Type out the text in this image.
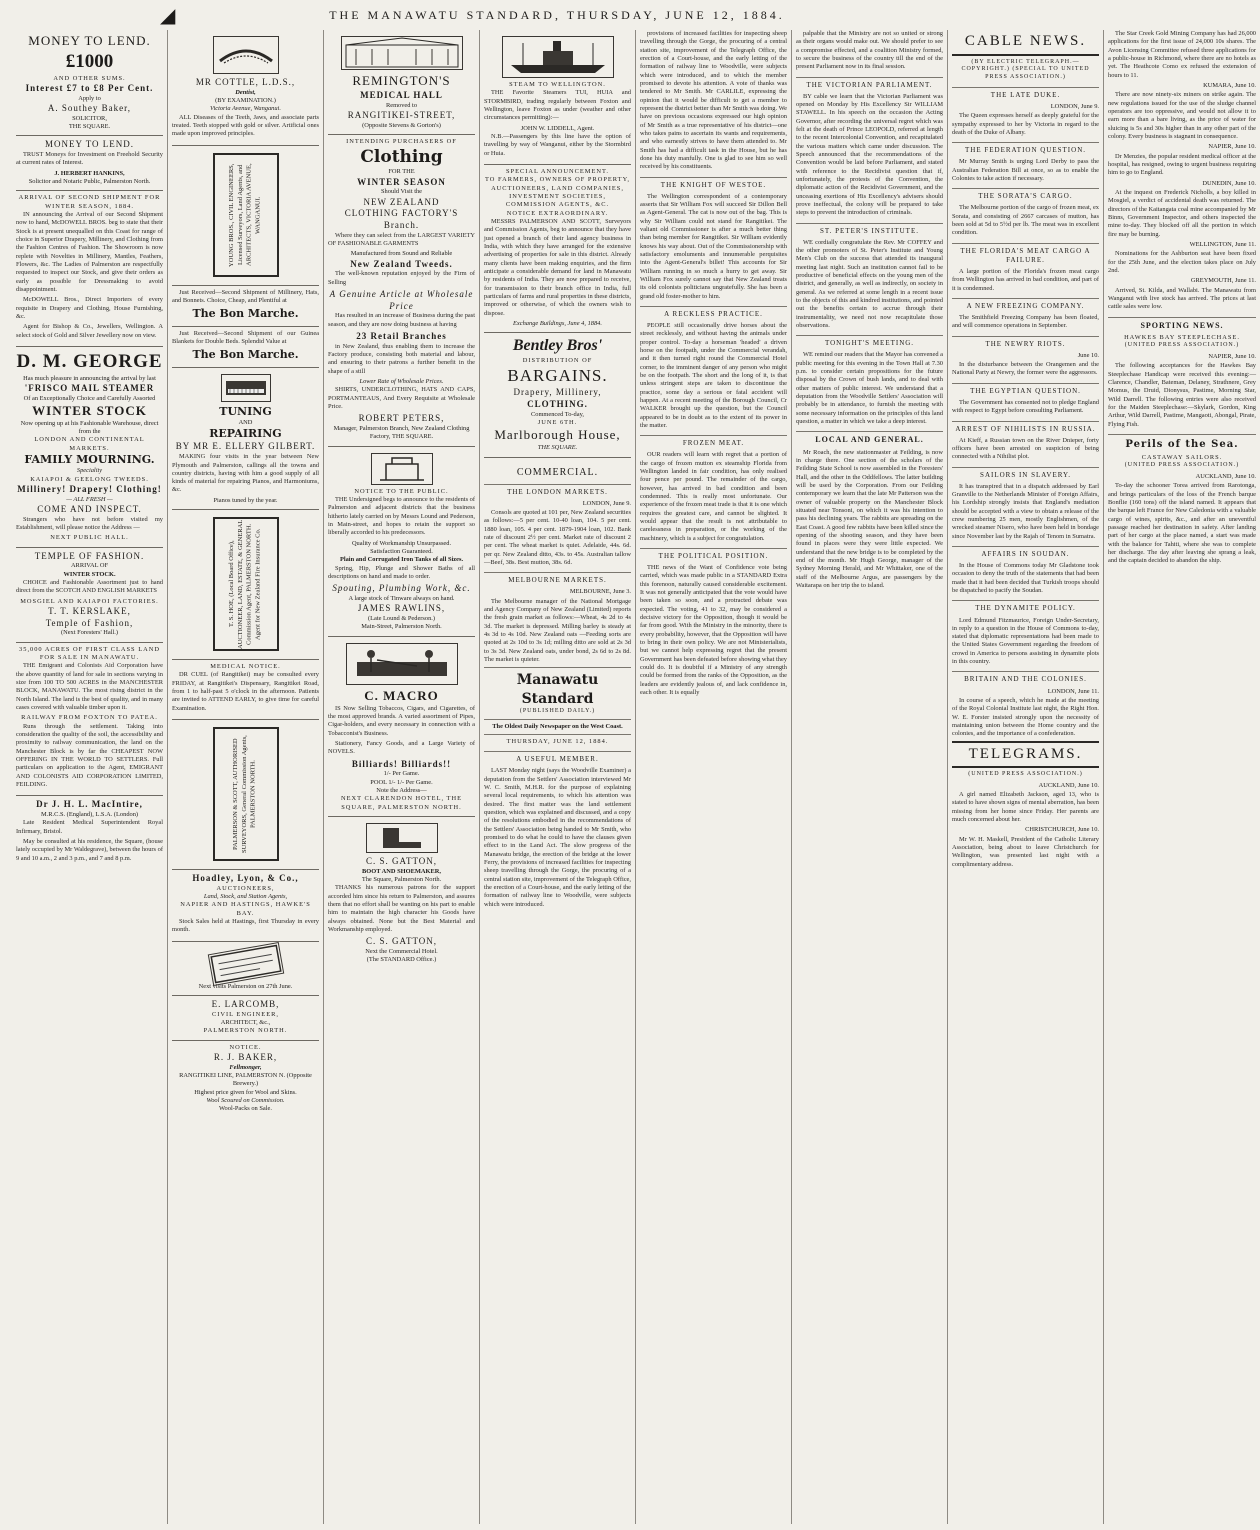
THE MANAWATU STANDARD, THURSDAY, JUNE 12, 1884.
◢
MONEY TO LEND.
£1000
AND OTHER SUMS.
Interest £7 to £8 Per Cent.
Apply to
A. Southey Baker,
SOLICITOR,
THE SQUARE.
MONEY TO LEND.
TRUST Moneys for Investment on Freehold Security at current rates of Interest.
J. HERBERT HANKINS,
Solicitor and Notaric Public, Palmerston North.
ARRIVAL OF SECOND SHIPMENT FOR WINTER SEASON, 1884.
IN announcing the Arrival of our Second Shipment now to hand, McDOWELL BROS. beg to state that their Stock is at present unequalled on this Coast for range of choice in Superior Drapery, Millinery, and Clothing from the Fashion Centres of Fashion. The Showroom is now replete with Novelties in Millinery, Mantles, Feathers, Flowers, &c. The Ladies of Palmerston are respectfully requested to inspect our Stock, and give their orders as early as possible for Dressmaking to avoid disappointment.
McDOWELL Bros., Direct Importers of every requisite in Drapery and Clothing, House Furnishing, &c.
Agent for Bishop & Co., Jewellers, Wellington. A select stock of Gold and Silver Jewellery now on view.
D. M. GEORGE
Has much pleasure in announcing the arrival by last
'FRISCO MAIL STEAMER
Of an Exceptionally Choice and Carefully Assorted
WINTER STOCK
Now opening up at his Fashionable Warehouse, direct from the
LONDON AND CONTINENTAL MARKETS.
FAMILY MOURNING.
Speciality
KAIAPOI & GEELONG TWEEDS.
Millinery! Drapery! Clothing!
— ALL FRESH —
COME AND INSPECT.
Strangers who have not before visited my Establishment, will please notice the Address —
NEXT PUBLIC HALL.
TEMPLE OF FASHION.
ARRIVAL OF
WINTER STOCK.
CHOICE and Fashionable Assortment just to hand direct from the SCOTCH AND ENGLISH MARKETS
MOSGIEL AND KAIAPOI FACTORIES.
T. T. KERSLAKE,
Temple of Fashion,
(Next Foresters' Hall.)
35,000 ACRES OF FIRST CLASS LAND FOR SALE IN MANAWATU.
THE Emigrant and Colonists Aid Corporation have the above quantity of land for sale in sections varying in size from 100 TO 500 ACRES in the MANCHESTER BLOCK, MANAWATU. The most rising district in the North Island. The land is the best of quality, and in many cases covered with valuable timber upon it.
RAILWAY FROM FOXTON TO PATEA.
Runs through the settlement. Taking into consideration the quality of the soil, the accessibility and proximity to railway communication, the land on the Manchester Block is by far the CHEAPEST NOW OFFERING IN THE WORLD TO SETTLERS. Full particulars on application to the Agent, EMIGRANT AND COLONISTS AID CORPORATION LIMITED, FEILDING.
Dr J. H. L. MacIntire,
M.R.C.S. (England), L.S.A. (London)
Late Resident Medical Superintendent Royal Infirmary, Bristol.
May be consulted at his residence, the Square, (house lately occupied by Mr Waldegrave), between the hours of 9 and 10 a.m., 2 and 3 p.m., and 7 and 8 p.m.
MR COTTLE, L.D.S.,
Dentist,
(BY EXAMINATION.)
Victoria Avenue, Wanganui.
ALL Diseases of the Teeth, Jaws, and associate parts treated. Teeth stopped with gold or silver. Artificial ones made upon improved principles.
YOUNG BROS., CIVIL ENGINEERS, Licensed Surveyors, Land Agents, and ARCHITECTS, VICTORIA AVENUE, WANGANUI.
Just Received—Second Shipment of Millinery, Hats, and Bonnets. Choice, Cheap, and Plentiful at
The Bon Marche.
Just Received—Second Shipment of our Guinea Blankets for Double Beds. Splendid Value at
The Bon Marche.
TUNING
AND
REPAIRING
BY MR E. ELLERY GILBERT.
MAKING four visits in the year between New Plymouth and Palmerston, callings all the towns and country districts, having with him a good supply of all kinds of material for repairing Pianos, and Harmoniums, &c.
Pianos tuned by the year.
T. S. HOE, (Local Board Office), AUCTIONEER, LAND, ESTATE, & GENERAL Commission Agent, PALMERSTON NORTH. Agent for New Zealand Fire Insurance Co.
MEDICAL NOTICE.
DR CUEL (of Rangitikei) may be consulted every FRIDAY, at Rangitikei's Dispensary, Rangitikei Road, from 1 to half-past 5 o'clock in the afternoon. Patients are invited to ATTEND EARLY, to give time for careful Examination.
PALMERSON & SCOTT, AUTHORISED SURVEYORS, General Commission Agents, PALMERSTON NORTH.
Hoadley, Lyon, & Co.,
AUCTIONEERS,
Land, Stock, and Station Agents,
NAPIER AND HASTINGS, HAWKE'S BAY.
Stock Sales held at Hastings, first Thursday in every month.
Next visits Palmerston on 27th June.
E. LARCOMB,
CIVIL ENGINEER,
ARCHITECT, &c.,
PALMERSTON NORTH.
NOTICE.
R. J. BAKER,
Fellmonger,
RANGITIKEI LINE, PALMERSTON N. (Opposite Brewery.)
Highest price given for Wool and Skins.
Wool Scoured on Commission.
Wool-Packs on Sale.
REMINGTON'S
MEDICAL HALL
Removed to
RANGITIKEI-STREET,
(Opposite Stevens & Gorton's)
INTENDING PURCHASERS OF
Clothing
FOR THE
WINTER SEASON
Should Visit the
NEW ZEALAND
CLOTHING FACTORY'S
Branch.
Where they can select from the LARGEST VARIETY OF FASHIONABLE GARMENTS
Manufactured from Sound and Reliable
New Zealand Tweeds.
The well-known reputation enjoyed by the Firm of Selling
A Genuine Article at Wholesale Price
Has resulted in an increase of Business during the past season, and they are now doing business at having
23 Retail Branches
in New Zealand, thus enabling them to increase the Factory produce, consisting both material and labour, and ensuring to their patrons a further benefit in the shape of a still
Lower Rate of Wholesale Prices.
SHIRTS, UNDERCLOTHING, HATS AND CAPS, PORTMANTEAUS, And Every Requisite at Wholesale Price.
ROBERT PETERS,
Manager, Palmerston Branch, New Zealand Clothing Factory, THE SQUARE.
NOTICE TO THE PUBLIC.
THE Undersigned begs to announce to the residents of Palmerston and adjacent districts that the business hitherto lately carried on by Messrs Lound and Pederson, in Main-street, and hopes to retain the support so liberally accorded to his predecessors.
Quality of Workmanship Unsurpassed.
Satisfaction Guaranteed.
Plain and Corrugated Iron Tanks of all Sizes.
Spring, Hip, Plunge and Shower Baths of all descriptions on hand and made to order.
Spouting, Plumbing Work, &c.
A large stock of Tinware always on hand.
JAMES RAWLINS,
(Late Lound & Pederson.)
Main-Street, Palmerston North.
C. MACRO
IS Now Selling Tobaccos, Cigars, and Cigarettes, of the most approved brands. A varied assortment of Pipes, Cigar-holders, and every necessary in connection with a Tobacconist's Business.
Stationery, Fancy Goods, and a Large Variety of NOVELS.
Billiards! Billiards!!
1/- Per Game.
POOL 1/- 1/- Per Game.
Note the Address—
NEXT CLARENDON HOTEL, THE SQUARE, PALMERSTON NORTH.
C. S. GATTON,
BOOT AND SHOEMAKER,
The Square, Palmerston North.
THANKS his numerous patrons for the support accorded him since his return to Palmerston, and assures them that no effort shall be wanting on his part to enable him to maintain the high character his Goods have always obtained. None but the Best Material and Workmanship employed.
C. S. GATTON,
Next the Commercial Hotel.
(The STANDARD Office.)
STEAM TO WELLINGTON.
THE Favorite Steamers TUI, HUIA and STORMBIRD, trading regularly between Foxton and Wellington, leave Foxton as under (weather and other circumstances permitting):—
JOHN W. LIDDELL, Agent.
N.B.—Passengers by this line have the option of travelling by way of Wanganui, either by the Stormbird or Huia.
SPECIAL ANNOUNCEMENT.
TO FARMERS, OWNERS OF PROPERTY, AUCTIONEERS, LAND COMPANIES, INVESTMENT SOCIETIES, COMMISSION AGENTS, &C.
NOTICE EXTRAORDINARY.
MESSRS PALMERSON AND SCOTT, Surveyors and Commission Agents, beg to announce that they have just opened a branch of their land agency business in India, with which they have arranged for the extensive advertising of properties for sale in this district. Already many clients have been making enquiries, and the firm anticipate a considerable demand for land in Manawatu by residents of India. They are now prepared to receive, for transmission to their branch office in India, full particulars of farms and rural properties in these districts, improved or otherwise, of which the owners wish to dispose.
Exchange Buildings, June 4, 1884.
Bentley Bros'
DISTRIBUTION OF
BARGAINS.
Drapery, Millinery,
CLOTHING.
Commenced To-day,
JUNE 6TH.
Marlborough House,
THE SQUARE.
COMMERCIAL.
THE LONDON MARKETS.
LONDON, June 9.

Consols are quoted at 101 per, New Zealand securities as follows:—5 per cent. 10-40 loan, 104. 5 per cent. 1880 loan, 105. 4 per cent. 1879-1904 loan, 102. Bank rate of discount 2½ per cent. Market rate of discount 2 per cent. The wheat market is quiet. Adelaide, 44s. 6d. per qr. New Zealand ditto, 43s. to 45s. Australian tallow—Beef, 38s. Best mutton, 38s. 6d.

MELBOURNE MARKETS.
MELBOURNE, June 3.

The Melbourne manager of the National Mortgage and Agency Company of New Zealand (Limited) reports the fresh grain market as follows:—Wheat, 4s 2d to 4s 3d. The market is depressed. Milling barley is steady at 4s 3d to 4s 10d. New Zealand oats —Feeding sorts are quoted at 2s 10d to 3s 1d; milling ditto are sold at 2s 3d to 3s 3d. New Zealand oats, under bond, 2s 6d to 2s 8d. The market is quieter.

Manawatu Standard
(PUBLISHED DAILY.)
The Oldest Daily Newspaper on the West Coast.
THURSDAY, JUNE 12, 1884.
A USEFUL MEMBER.

LAST Monday night (says the Woodville Examiner) a deputation from the Settlers' Association interviewed Mr W. C. Smith, M.H.R. for the purpose of explaining several local requirements, to which his attention was desired. The first matter was the land settlement question, which was explained and discussed, and a copy of the resolutions embodied in the recommendations of the Settlers' Association being handed to Mr Smith, who promised to do what he could to have the clauses given effect to in the Land Act. The slow progress of the Manawatu bridge, the erection of the bridge at the lower Ferry, the provisions of increased facilities for inspecting sheep travelling through the Gorge, the procuring of a central station site, improvement of the Telegraph Office, the erection of a Court-house, and the early letting of the formation of railway line to Woodville, were subjects which were introduced.

provisions of increased facilities for inspecting sheep travelling through the Gorge, the procuring of a central station site, improvement of the Telegraph Office, the erection of a Court-house, and the early letting of the formation of railway line to Woodville, were subjects which were introduced, and to which the member promised to devote his attention. A vote of thanks was tendered to Mr Smith. Mr CARLILE, expressing the opinion that it would be difficult to get a member to represent the district better than Mr Smith was doing. We have on previous occasions expressed our high opinion of Mr Smith as a true representative of his district—one who takes pains to ascertain its wants and requirements, and who earnestly strives to have them attended to. Mr Smith has had a difficult task in the House, but he has done his duty manfully. One is glad to see him so well received by his constituents.

THE KNIGHT OF WESTOE.

The Wellington correspondent of a contemporary asserts that Sir William Fox will succeed Sir Dillon Bell as Agent-General. The cat is now out of the bag. This is why Sir William could not stand for Rangitikei. The valiant old Commissioner is after a much better thing than being member for Rangitikei. Sir William evidently knows his way about. Out of the Commissionership with satisfactory emoluments and innumerable perquisites into the Agent-General's billet! This accounts for Sir William running in so much a hurry to get away. Sir William Fox surely cannot say that New Zealand treats its old colonists politicians ungratefully. She has been a grand old foster-mother to him.

A RECKLESS PRACTICE.

PEOPLE still occasionally drive horses about the street recklessly, and without having the animals under proper control. To-day a horseman 'headed' a driven horse on the footpath, under the Commercial verandah, and it then turned right round the Commercial Hotel corner, to the imminent danger of any person who might be on the footpath. The short and the long of it, is that unless stringent steps are taken to discontinue the practice, some day a serious or fatal accident will happen. At a recent meeting of the Borough Council, Cr WALKER brought up the question, but the Council appeared to be in doubt as to the extent of its power in the matter.

FROZEN MEAT.

OUR readers will learn with regret that a portion of the cargo of frozen mutton ex steamship Florida from Wellington landed in fair condition, has only realised four pence per pound. The remainder of the cargo, however, has arrived in bad condition and been condemned. This is really most unfortunate. Our experience of the frozen meat trade is that it is one which requires the greatest care, and cannot be slighted. It would appear that the result is not attributable to carelessness in preparation, or the working of the machinery, which is a subject for congratulation.

THE POLITICAL POSITION.

THE news of the Want of Confidence vote being carried, which was made public in a STANDARD Extra this forenoon, naturally caused considerable excitement. It was not generally anticipated that the vote would have been taken so soon, and a protracted debate was expected. The voting, 41 to 32, may be considered a decisive victory for the Opposition, though it would be far from good. With the Ministry in the minority, there is every probability, however, that the Opposition will have to bring in their own policy. We are not Ministerialists, but we cannot help expressing regret that the present Government has been defeated before showing what they could do. It is doubtful if a Ministry of any strength could be formed from the ranks of the Opposition, as the leaders are evidently jealous of, and lack confidence in, each other. It is equally

palpable that the Ministry are not so united or strong as their organs would make out. We should prefer to see a compromise effected, and a coalition Ministry formed, to secure the business of the country till the end of the present Parliament now in its final session.

THE VICTORIAN PARLIAMENT.

BY cable we learn that the Victorian Parliament was opened on Monday by His Excellency Sir WILLIAM STAWELL. In his speech on the occasion the Acting Governor, after recording the universal regret which was felt at the death of Prince LEOPOLD, referred at length to the recent Intercolonial Convention, and recapitulated the various matters which came under discussion. The Speech announced that the recommendations of the Convention would be laid before Parliament, and stated with reference to the Recidivist question that if, unfortunately, the protests of the Convention, the diplomatic action of the Recidivist Government, and the unceasing exertions of His Excellency's advisers should prove ineffectual, the colony will be prepared to take steps to prevent the introduction of criminals.

ST. PETER'S INSTITUTE.

WE cordially congratulate the Rev. Mr COFFEY and the other promoters of St. Peter's Institute and Young Men's Club on the success that attended its inaugural meeting last night. Such an institution cannot fail to be productive of beneficial effects on the young men of the district, and generally, as well as indirectly, on society in general. As we referred at some length in a recent issue to the objects of this and kindred institutions, and pointed out the benefits certain to accrue through their instrumentality, we need not now recapitulate those observations.

TONIGHT'S MEETING.

WE remind our readers that the Mayor has convened a public meeting for this evening in the Town Hall at 7.30 p.m. to consider certain propositions for the future disposal by the Crown of bush lands, and to deal with other matters of public interest. We understand that a deputation from the Woodville Settlers' Association will probably be in attendance, to furnish the meeting with some necessary information on the principles of this land question, a matter in which we take a deep interest.

LOCAL AND GENERAL.

Mr Roach, the new stationmaster at Feilding, is now in charge there. One section of the scholars of the Feilding State School is now assembled in the Foresters' Hall, and the other in the Oddfellows. The latter building will be used by the Corporation. From our Feilding contemporary we learn that the late Mr Patterson was the owner of valuable property on the Manchester Block situated near Tonsoni, on which it was his intention to pass his declining years. The rabbits are spreading on the East Coast. A good few rabbits have been killed since the opening of the shooting season, and they have been found in places were they were little expected. We understand that the new bridge is to be completed by the end of the month. Mr Hugh George, manager of the Sydney Morning Herald, and Mr Whittaker, one of the staff of the Melbourne Argus, are passengers by the Waitarapa on her trip the to island.

CABLE NEWS.
(BY ELECTRIC TELEGRAPH.—COPYRIGHT.) (SPECIAL TO UNITED PRESS ASSOCIATION.)
THE LATE DUKE.
LONDON, June 9.

The Queen expresses herself as deeply grateful for the sympathy expressed to her by Victoria in regard to the death of the Duke of Albany.

THE FEDERATION QUESTION.

Mr Murray Smith is urging Lord Derby to pass the Australian Federation Bill at once, so as to enable the Colonies to take action if necessary.

THE SORATA'S CARGO.

The Melbourne portion of the cargo of frozen meat, ex Sorata, and consisting of 2667 carcases of mutton, has been sold at 5d to 5½d per lb. The meat was in excellent condition.

THE FLORIDA'S MEAT CARGO A FAILURE.

A large portion of the Florida's frozen meat cargo from Wellington has arrived in bad condition, and part of it is condemned.

A NEW FREEZING COMPANY.

The Smithfield Freezing Company has been floated, and will commence operations in September.

THE NEWRY RIOTS.
June 10.

In the disturbance between the Orangemen and the National Party at Newry, the former were the aggressors.

THE EGYPTIAN QUESTION.

The Government has consented not to pledge England with respect to Egypt before consulting Parliament.

ARREST OF NIHILISTS IN RUSSIA.

At Kieff, a Russian town on the River Dnieper, forty officers have been arrested on suspicion of being connected with a Nihilist plot.

SAILORS IN SLAVERY.

It has transpired that in a dispatch addressed by Earl Granville to the Netherlands Minister of Foreign Affairs, his Lordship strongly insists that England's mediation should be accepted with a view to obtain a release of the crew numbering 25 men, mostly Englishmen, of the wrecked steamer Nisero, who have been held in bondage since November last by the Rajah of Tenom in Sumatra.

AFFAIRS IN SOUDAN.

In the House of Commons today Mr Gladstone took occasion to deny the truth of the statements that had been made that it had been decided that Turkish troops should be dispatched to pacify the Soudan.

THE DYNAMITE POLICY.

Lord Edmund Fitzmaurice, Foreign Under-Secretary, in reply to a question in the House of Commons to-day, stated that diplomatic representations had been made to the United States Government regarding the freedom of crowd in America to persons assisting in dynamite plots in this country.

BRITAIN AND THE COLONIES.
LONDON, June 11.

In course of a speech, which he made at the meeting of the Royal Colonial Institute last night, the Right Hon. W. E. Forster insisted strongly upon the necessity of maintaining union between the Home country and the colonies, and the importance of a confederation.

TELEGRAMS.
(UNITED PRESS ASSOCIATION.)
AUCKLAND, June 10.

A girl named Elizabeth Jackson, aged 13, who is stated to have shown signs of mental aberration, has been missing from her home since Friday. Her parents are much concerned about her.

CHRISTCHURCH, June 10.

Mr W. H. Maskell, President of the Catholic Literary Association, being about to leave Christchurch for Wellington, was presented last night with a complimentary address.

The Star Creek Gold Mining Company has had 26,000 applications for the first issue of 24,000 10s shares. The Avon Licensing Committee refused three applications for a public-house in Richmond, where there are no hotels as yet. The Heathcote Como ex refused the extension of hours to 11.

KUMARA, June 10.

There are now ninety-six miners on strike again. The new regulations issued for the use of the sludge channel operators are too oppressive, and would not allow it to earn more than a bare living, as the price of water for sluicing is 5s and 30s higher than in any other part of the colony. Every business is stagnant in consequence.

NAPIER, June 10.

Dr Menzies, the popular resident medical officer at the hospital, has resigned, owing to urgent business requiring him to go to England.

DUNEDIN, June 10.

At the inquest on Frederick Nicholls, a boy killed in Mosgiel, a verdict of accidental death was returned. The directors of the Kaitangata coal mine accompanied by Mr Binns, Government Inspector, and others inspected the mine to-day. They blocked off all the portion in which fire may be burning.

WELLINGTON, June 11.

Nominations for the Ashburton seat have been fixed for the 25th June, and the election takes place on July 2nd.

GREYMOUTH, June 11.

Arrived, St. Kilda, and Wallabi. The Manawatu from Wanganui with live stock has arrived. The prices at last cattle sales were low.

SPORTING NEWS.
HAWKES BAY STEEPLECHASE.
(UNITED PRESS ASSOCIATION.)
NAPIER, June 10.

The following acceptances for the Hawkes Bay Steeplechase Handicap were received this evening:—Clarence, Chandler, Bateman, Delaney, Strathnere, Grey Momus, the Druid, Dionysus, Pastime, Morning Star, Wild Darrell. The following entries were also received for the Maiden Steeplechase:—Skylark, Gordon, King Arthur, Wild Darrell, Pastime, Mangaoti, Abongal, Pirate, Flying Fish.

Perils of the Sea.
CASTAWAY SAILORS.
(UNITED PRESS ASSOCIATION.)
AUCKLAND, June 10.

To-day the schooner Torea arrived from Rarotonga, and brings particulars of the loss of the French barque Bonflie (160 tons) off the island named. It appears that the barque left France for New Caledonia with a valuable cargo of wines, spirits, &c., and after an uneventful passage reached her destination in safety. After landing part of her cargo at the place named, a start was made with the balance for Tahiti, where she was to complete her discharge. The day after leaving she sprang a leak, and the captain decided to abandon the ship.
